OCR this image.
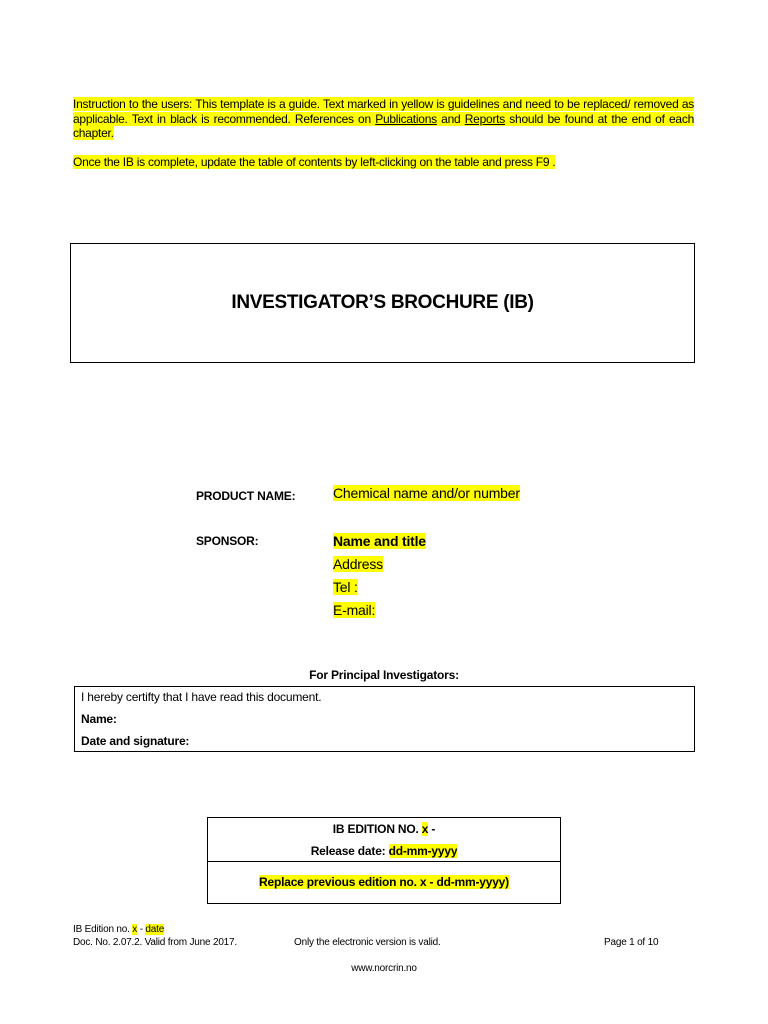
Instruction to the users: This template is a guide. Text marked in yellow is guidelines and need to be replaced/ removed as applicable. Text in black is recommended. References on Publications and Reports should be found at the end of each chapter.

Once the IB is complete, update the table of contents by left-clicking on the table and press F9 .

INVESTIGATOR’S BROCHURE (IB)
PRODUCT NAME:	Chemical name and/or number
SPONSOR:	Name and title
Address
Tel :
E-mail:
For Principal Investigators:
I hereby certifty that I have read this document.
Name:
Date and signature:
IB EDITION NO. x -
Release date: dd-mm-yyyy
Replace previous edition no. x - dd-mm-yyyy)
IB Edition no. x - date
Doc. No. 2.07.2. Valid from June 2017.	Only the electronic version is valid.	Page 1 of 10
www.norcrin.no
